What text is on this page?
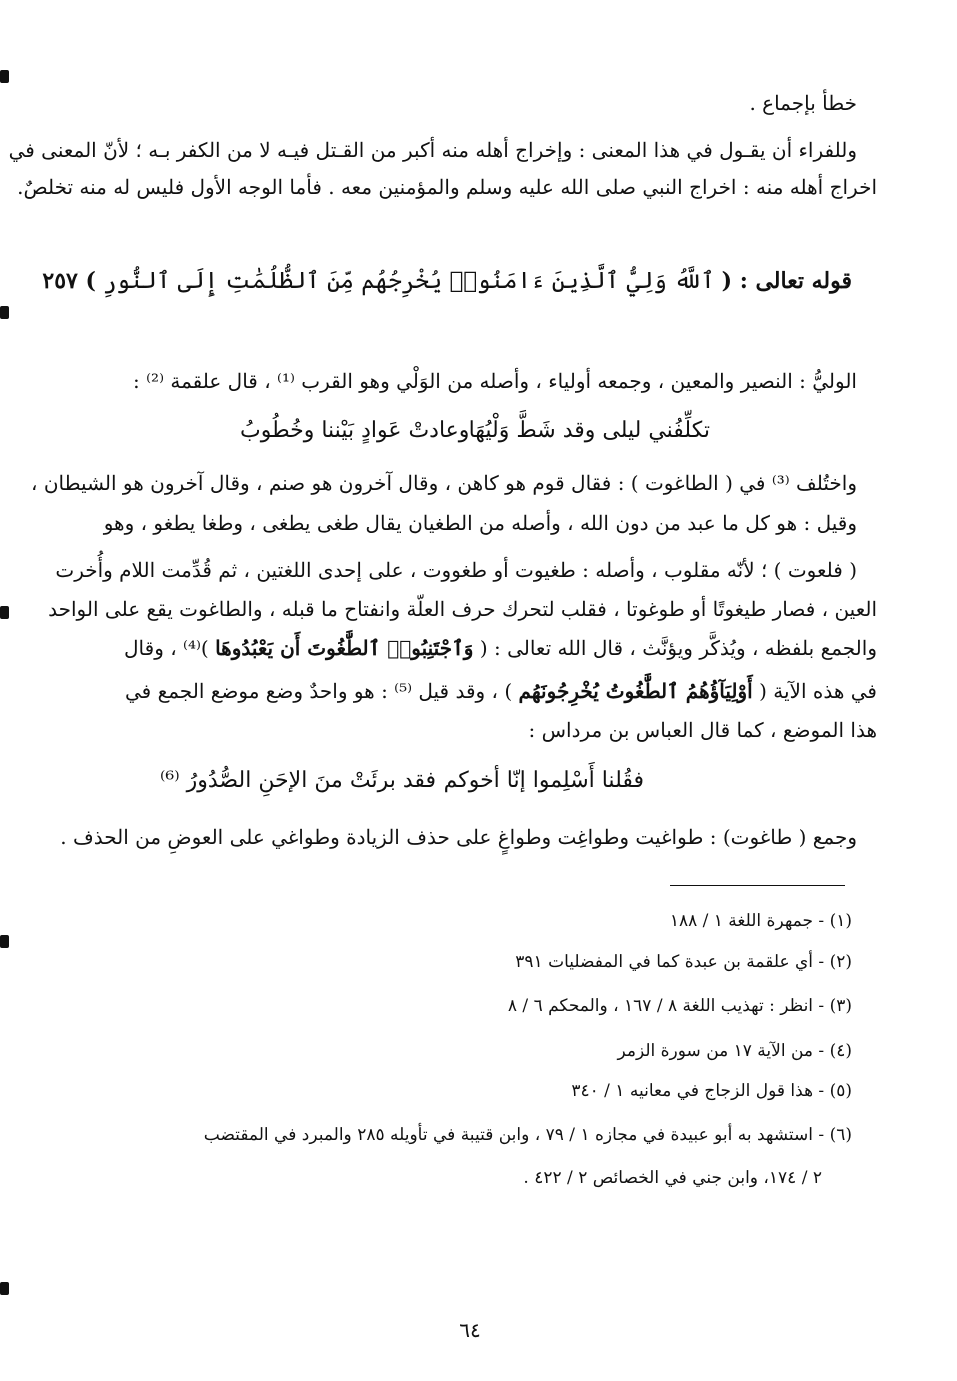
خطأ بإجماع .
وللفراء أن يقـول في هذا المعنى : وإخراج أهله منه أكبر من القـتل فيـه لا من الكفر بـه ؛ لأنّ المعنى في
اخراج أهله منه : اخراج النبي صلى الله عليه وسلم والمؤمنين معه . فأما الوجه الأول فليس له منه تخلصٌ.
قوله تعالى : ( ٱللَّهُ وَلِيُّ ٱلَّذِينَ ءَامَنُوا۟ يُخْرِجُهُم مِّنَ ٱلظُّلُمَٰتِ إِلَى ٱلنُّورِ ) ٢٥٧
الوليُّ : النصير والمعين ، وجمعه أولياء ، وأصله من الوَلْي وهو القرب ⁽¹⁾ ، قال علقمة ⁽²⁾ :
تكلِّفُني ليلى وقد شَطَّ وَلْيُهَا
وعادتْ عَوادٍ بَيْننا وخُطُوبُ
واختُلف ⁽³⁾ في ( الطاغوت ) : فقال قوم هو كاهن ، وقال آخرون هو صنم ، وقال آخرون هو الشيطان ،
وقيل : هو كل ما عبد من دون الله ، وأصله من الطغيان يقال طغى يطغى ، وطغا يطغو ، وهو
( فلعوت ) ؛ لأنّه مقلوب ، وأصله : طغيوت أو طغووت ، على إحدى اللغتين ، ثم قُدِّمت اللام وأُخرت
العين ، فصار طيغوتًا أو طوغوتا ، فقلب لتحرك حرف العلّة وانفتاح ما قبله ، والطاغوت يقع على الواحد
والجمع بلفظه ، ويُذكَّر ويؤنَّث ، قال الله تعالى : ( وَٱجْتَنِبُوا۟ ٱلطَّٰغُوتَ أَن يَعْبُدُوهَا )⁽⁴⁾ ، وقال
في هذه الآية ( أَوْلِيَآؤُهُمُ ٱلطَّٰغُوتُ يُخْرِجُونَهُم ) ، وقد قيل ⁽⁵⁾ : هو واحدٌ وضع موضع الجمع في
هذا الموضع ، كما قال العباس بن مرداس :
فقُلنا أَسْلِموا إنّا أخوكم
فقد برئَتْ منَ الإحَنِ الصُّدُورُ ⁽⁶⁾
وجمع ( طاغوت) : طواغيت وطواغِت وطواغٍ على حذف الزيادة وطواغي على العوضِ من الحذف .
(١) - جمهرة اللغة ١ / ١٨٨
(٢) - أي علقمة بن عبدة كما في المفضليات ٣٩١
(٣) - انظر : تهذيب اللغة ٨ / ١٦٧ ، والمحكم ٦ / ٨
(٤) - من الآية ١٧ من سورة الزمر
(٥) - هذا قول الزجاج في معانيه ١ / ٣٤٠
(٦) - استشهد به أبو عبيدة في مجازه ١ / ٧٩ ، وابن قتيبة في تأويله ٢٨٥ والمبرد في المقتضب
٢ / ١٧٤، وابن جني في الخصائص ٢ / ٤٢٢ .
٦٤
